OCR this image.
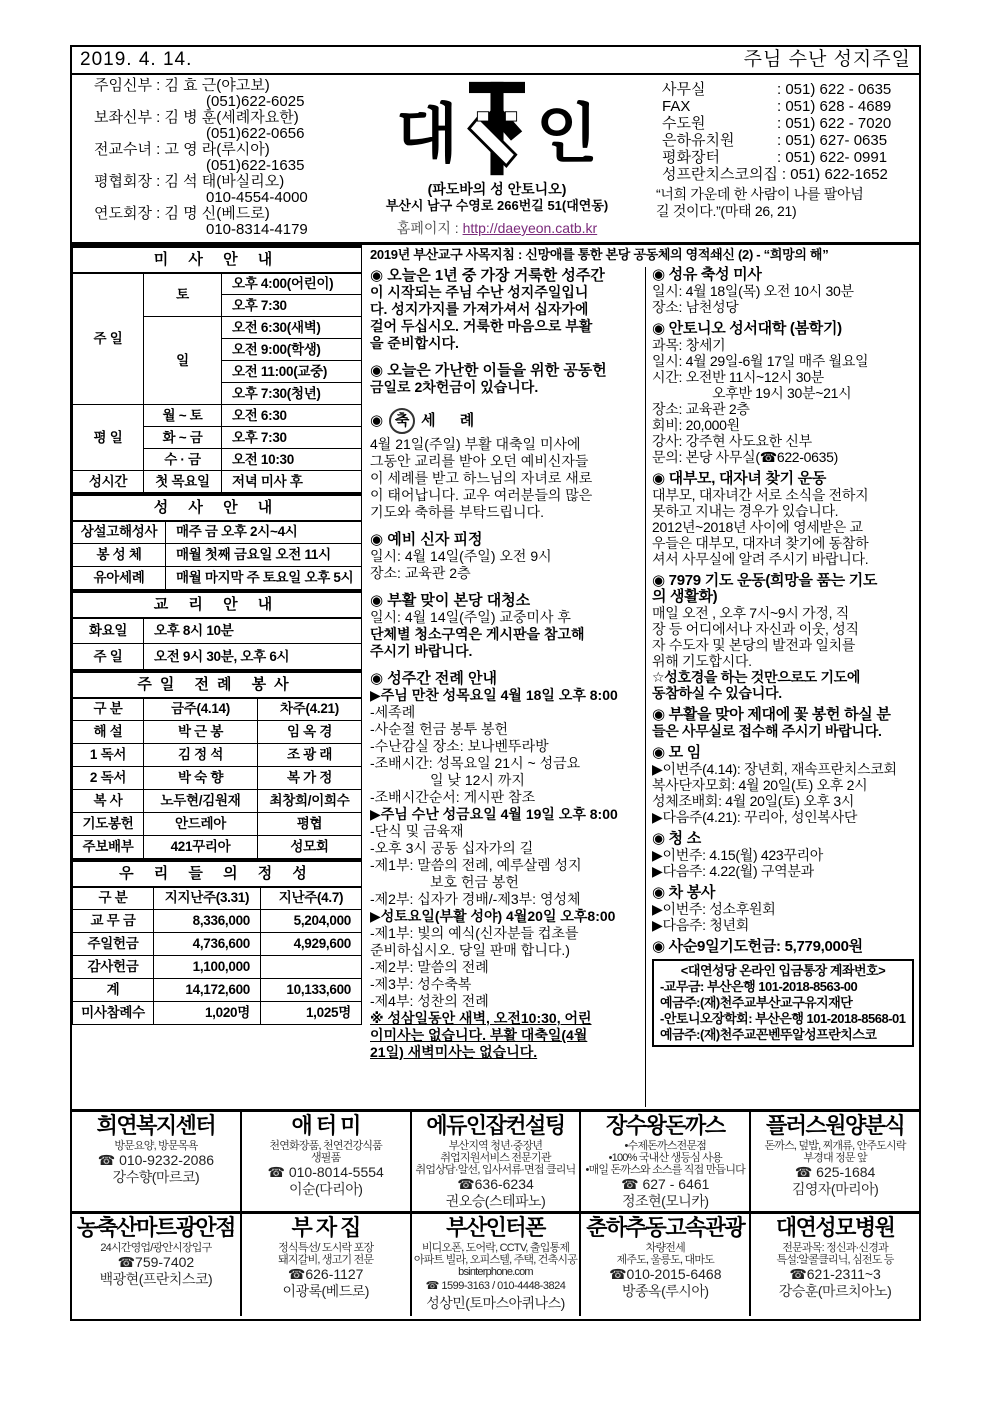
2019. 4. 14.	주님 수난 성지주일
주임신부 : 김 효 근(야고보)
(051)622-6025
보좌신부 : 김 병 훈(세례자요한)
(051)622-0656
전교수녀 : 고 영 라(루시아)
(051)622-1635
평협회장 : 김 석 태(바실리오)
010-4554-4000
연도회장 : 김 명 신(베드로)
010-8314-4179
대 인
(파도바의 성 안토니오)
부산시 남구 수영로 266번길 51(대연동)
홈페이지 : http://daeyeon.catb.kr
사무실	: 051) 622 - 0635
FAX	: 051) 628 - 4689
수도원	: 051) 622 - 7020
은하유치원	: 051) 627- 0635
평화장터	: 051) 622- 0991
성프란치스코의집 : 051) 622-1652
“너희 가운데 한 사람이 나를 팔아넘
길 것이다.”(마태 26, 21)
미 사 안 내		
주 일	토	오후 4:00(어린이)
		오후 7:30
	일	오전 6:30(새벽)
		오전 9:00(학생)
		오전 11:00(교중)
		오후 7:30(청년)
평 일	월 ~ 토	오전 6:30
	화 ~ 금	오후 7:30
	수 · 금	오전 10:30
성시간	첫 목요일	저녁 미사 후
성 사 안 내	
상설고해성사	매주 금 오후 2시~4시
봉 성 체	매월 첫째 금요일 오전 11시
유아세례	매월 마지막 주 토요일 오후 5시
교 리 안 내	
화요일	오후 8시 10분
주 일	오전 9시 30분, 오후 6시
주일 전례 봉사		
구 분	금주(4.14)	차주(4.21)
해 설	박 근 봉	임 옥 경
1 독서	김 정 석	조 광 래
2 독서	박 숙 향	복 가 정
복 사	노두현/김원재	최창희/이희수
기도봉헌	안드레아	평협
주보배부	421꾸리아	성모회
우 리 들 의 정 성		
구 분	지지난주(3.31)	지난주(4.7)
교 무 금	8,336,000	5,204,000
주일헌금	4,736,600	4,929,600
감사헌금	1,100,000	
계	14,172,600	10,133,600
미사참례수	1,020명	1,025명
2019년 부산교구 사목지침 : 신망애를 통한 본당 공동체의 영적쇄신 (2) - “희망의 해”
◉ 오늘은 1년 중 가장 거룩한 성주간
이 시작되는 주님 수난 성지주일입니
다. 성지가지를 가져가셔서 십자가에
걸어 두십시오. 거룩한 마음으로 부활
을 준비합시다.
◉ 오늘은 가난한 이들을 위한 공동헌
금일로 2차헌금이 있습니다.
◉ 축 세 례
4월 21일(주일) 부활 대축일 미사에
그동안 교리를 받아 오던 예비신자들
이 세례를 받고 하느님의 자녀로 새로
이 태어납니다. 교우 여러분들의 많은
기도와 축하를 부탁드립니다.
◉ 예비 신자 피정
일시: 4월 14일(주일) 오전 9시
장소: 교육관 2층
◉ 부활 맞이 본당 대청소
일시: 4월 14일(주일) 교중미사 후
단체별 청소구역은 게시판을 참고해
주시기 바랍니다.
◉ 성주간 전례 안내
▶주님 만찬 성목요일 4월 18일 오후 8:00
-세족례
-사순절 헌금 봉투 봉헌
-수난감실 장소: 보나벤뚜라방
-조배시간: 성목요일 21시 ~ 성금요
일 낮 12시 까지
-조배시간순서: 게시판 참조
▶주님 수난 성금요일 4월 19일 오후 8:00
-단식 및 금육재
-오후 3시 공동 십자가의 길
-제1부: 말씀의 전례, 예루살렘 성지
보호 헌금 봉헌
-제2부: 십자가 경배/-제3부: 영성체
▶성토요일(부활 성야) 4월20일 오후8:00
-제1부: 빛의 예식(신자분들 컵초를
준비하십시오. 당일 판매 합니다.)
-제2부: 말씀의 전례
-제3부: 성수축복
-제4부: 성찬의 전례
※ 성삼일동안 새벽, 오전10:30, 어린
이미사는 없습니다. 부활 대축일(4월
21일) 새벽미사는 없습니다.
◉ 성유 축성 미사
일시: 4월 18일(목) 오전 10시 30분
장소: 남천성당
◉ 안토니오 성서대학 (봄학기)
과목: 창세기
일시: 4월 29일-6월 17일 매주 월요일
시간: 오전반 11시~12시 30분
오후반 19시 30분~21시
장소: 교육관 2층
회비: 20,000원
강사: 강주현 사도요한 신부
문의: 본당 사무실(☎622-0635)
◉ 대부모, 대자녀 찾기 운동
대부모, 대자녀간 서로 소식을 전하지
못하고 지내는 경우가 있습니다.
2012년~2018년 사이에 영세받은 교
우들은 대부모, 대자녀 찾기에 동참하
셔서 사무실에 알려 주시기 바랍니다.
◉ 7979 기도 운동(희망을 품는 기도
의 생활화)
매일 오전 , 오후 7시~9시 가정, 직
장 등 어디에서나 자신과 이웃, 성직
자 수도자 및 본당의 발전과 일치를
위해 기도합시다.
☆성호경을 하는 것만으로도 기도에
동참하실 수 있습니다.
◉ 부활을 맞아 제대에 꽃 봉헌 하실 분
들은 사무실로 접수해 주시기 바랍니다.
◉ 모 임
▶이번주(4.14): 장년회, 재속프란치스코회
복사단자모회: 4월 20일(토) 오후 2시
성체조배회: 4월 20일(토) 오후 3시
▶다음주(4.21): 꾸리아, 성인복사단
◉ 청 소
▶이번주: 4.15(월) 423꾸리아
▶다음주: 4.22(월) 구역분과
◉ 차 봉사
▶이번주: 성소후원회
▶다음주: 청년회
◉ 사순9일기도헌금: 5,779,000원
<대연성당 온라인 입금통장 계좌번호>
-교무금: 부산은행 101-2018-8563-00
예금주:(재)천주교부산교구유지재단
-안토니오장학회: 부산은행 101-2018-8568-01
예금주:(재)천주교꼰벤뚜알성프란치스코
희연복지센터
방문요양, 방문목욕
☎ 010-9232-2086
강수향(마르코)
애 터 미
천연화장품, 천연건강식품
생필품
☎ 010-8014-5554
이순(다리아)
에듀인잡컨설팅
부산지역 청년·중장년
취업지원서비스 전문기관
취업상담·알선, 입사서류·면접 클리닉
☎636-6234
권오승(스테파노)
장수왕돈까스
•수제돈까스전문점
•100% 국내산 생등심 사용
•매일 돈까스와 소스를 직접 만듭니다
☎ 627 - 6461
정조현(모니카)
플러스원양분식
돈까스, 덮밥, 찌개류, 안주도시락
부경대 정문 앞
☎ 625-1684
김영자(마리아)
농축산마트광안점
24시간영업/광안시장입구
☎759-7402
백광현(프란치스코)
부 자 집
정식특선/ 도시락 포장
돼지갈비, 생고기 전문
☎626-1127
이광록(베드로)
부산인터폰
비디오폰, 도어락, CCTV, 출입통제
아파트 빌라, 오피스텔, 주택, 건축시공
bsinterphone.com
☎ 1599-3163 / 010-4448-3824
성상민(토마스아퀴나스)
춘하추동고속관광
차량전세
제주도, 울릉도, 대마도
☎010-2015-6468
방종옥(루시아)
대연성모병원
전문과목: 정신과·신경과
특설:알콜클리닉, 심전도 등
☎621-2311~3
강승훈(마르치아노)
